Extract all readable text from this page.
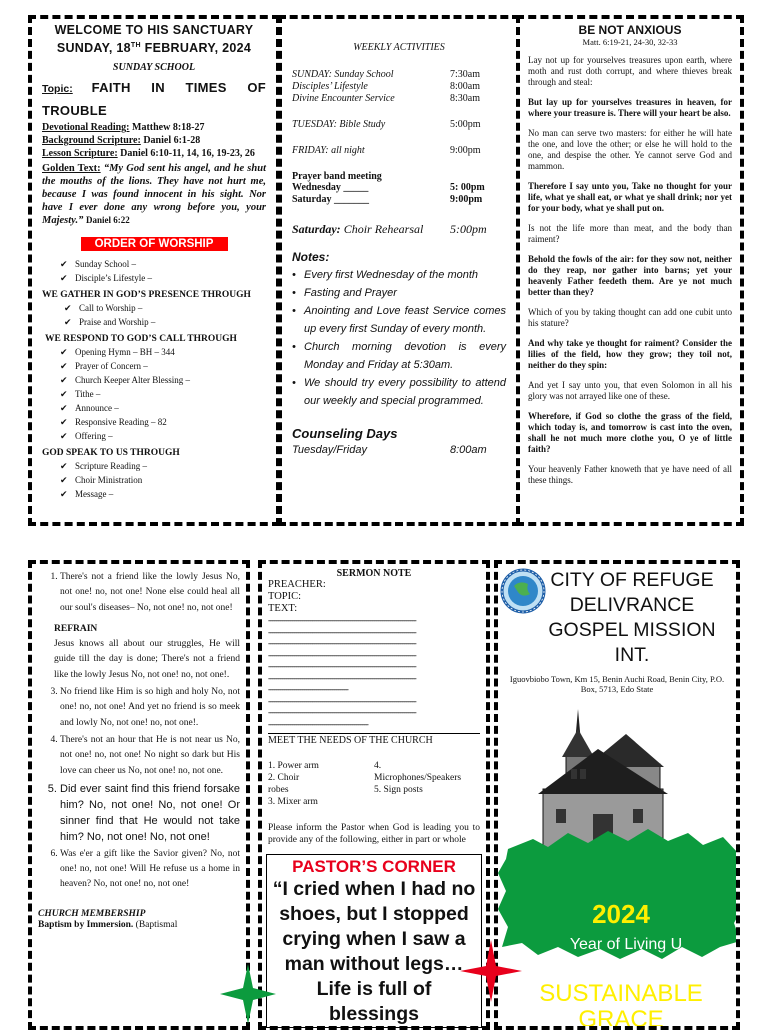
WELCOME TO HIS SANCTUARY
SUNDAY, 18TH FEBRUARY, 2024
SUNDAY SCHOOL
Topic: FAITH IN TIMES OF TROUBLE
Devotional Reading: Matthew 8:18-27
Background Scripture: Daniel 6:1-28
Lesson Scripture: Daniel 6:10-11, 14, 16, 19-23, 26
Golden Text: “My God sent his angel, and he shut the mouths of the lions. They have not hurt me, because I was found innocent in his sight. Nor have I ever done any wrong before you, your Majesty.” Daniel 6:22
ORDER OF WORSHIP
✔ Sunday School –
✔ Disciple’s Lifestyle –
WE GATHER IN GOD’S PRESENCE THROUGH
✔ Call to Worship –
✔ Praise and Worship –
WE RESPOND TO GOD’S CALL THROUGH
✔ Opening Hymn – BH – 344
✔ Prayer of Concern –
✔ Church Keeper Alter Blessing –
✔ Tithe –
✔ Announce –
✔ Responsive Reading – 82
✔ Offering –
GOD SPEAK TO US THROUGH
✔ Scripture Reading –
✔ Choir Ministration
✔ Message –
WEEKLY ACTIVITIES
SUNDAY: Sunday School	7:30am
Disciples’ Lifestyle	8:00am
Divine Encounter Service	8:30am
TUESDAY: Bible Study	5:00pm
FRIDAY: all night	9:00pm
Prayer band meeting
Wednesday _____	5: 00pm
Saturday _______	9:00pm
Saturday: Choir Rehearsal 5:00pm
Notes:
• Every first Wednesday of the month
• Fasting and Prayer
• Anointing and Love feast Service comes up every first Sunday of every month.
• Church morning devotion is every Monday and Friday at 5:30am.
• We should try every possibility to attend our weekly and special programmed.
Counseling Days
Tuesday/Friday	8:00am
BE NOT ANXIOUS
Matt. 6:19-21, 24-30, 32-33

Lay not up for yourselves treasures upon earth, where moth and rust doth corrupt, and where thieves break through and steal:

But lay up for yourselves treasures in heaven, for where your treasure is. There will your heart be also.

No man can serve two masters: for either he will hate the one, and love the other; or else he will hold to the one, and despise the other. Ye cannot serve God and mammon.

Therefore I say unto you, Take no thought for your life, what ye shall eat, or what ye shall drink; nor yet for your body, what ye shall put on.

Is not the life more than meat, and the body than raiment?

Behold the fowls of the air: for they sow not, neither do they reap, nor gather into barns; yet your heavenly Father feedeth them. Are ye not much better than they?

Which of you by taking thought can add one cubit unto his stature?

And why take ye thought for raiment? Consider the lilies of the field, how they grow; they toil not, neither do they spin:

And yet I say unto you, that even Solomon in all his glory was not arrayed like one of these.

Wherefore, if God so clothe the grass of the field, which today is, and tomorrow is cast into the oven, shall he not much more clothe you, O ye of little faith?

Your heavenly Father knoweth that ye have need of all these things.

1. There's not a friend like the lowly Jesus No, not one! no, not one! None else could heal all our soul's diseases– No, not one! no, not one!
REFRAIN
Jesus knows all about our struggles, He will guide till the day is done; There's not a friend like the lowly Jesus No, not one! no, not one!.
3. No friend like Him is so high and holy No, not one! no, not one! And yet no friend is so meek and lowly No, not one! no, not one!.
4. There's not an hour that He is not near us No, not one! no, not one! No night so dark but His love can cheer us No, not one! no, not one.
5. Did ever saint find this friend forsake him? No, not one! No, not one! Or sinner find that He would not take him? No, not one! No, not one!
6. Was e'er a gift like the Savior given? No, not one! no, not one! Will He refuse us a home in heaven? No, not one! no, not one!
CHURCH MEMBERSHIP
Baptism by Immersion. (Baptismal
SERMON NOTE
PREACHER:
TOPIC:
TEXT:
--------------------------------------------------------------------------
--------------------------------------------------------------------------
--------------------------------------------------------------------------
--------------------------------------------------------------------------
--------------------------------------------------------------------------
--------------------------------------------------------------------------
----------------------------------------
--------------------------------------------------------------------------
--------------------------------------------------------------------------
--------------------------------------------------
MEET THE NEEDS OF THE CHURCH
1. Power arm
2. Choir robes
3. Mixer arm
4. Microphones/Speakers
5. Sign posts
Please inform the Pastor when God is leading you to provide any of the following, either in part or whole
PASTOR’S CORNER
“I cried when I had no shoes, but I stopped crying when I saw a man without legs… Life is full of blessings
CITY OF REFUGE DELIVRANCE GOSPEL MISSION INT.
Iguovbiobo Town, Km 15, Benin Auchi Road, Benin City, P.O. Box, 5713, Edo State
2024
Year of Living U
SUSTAINABLE GRACE
